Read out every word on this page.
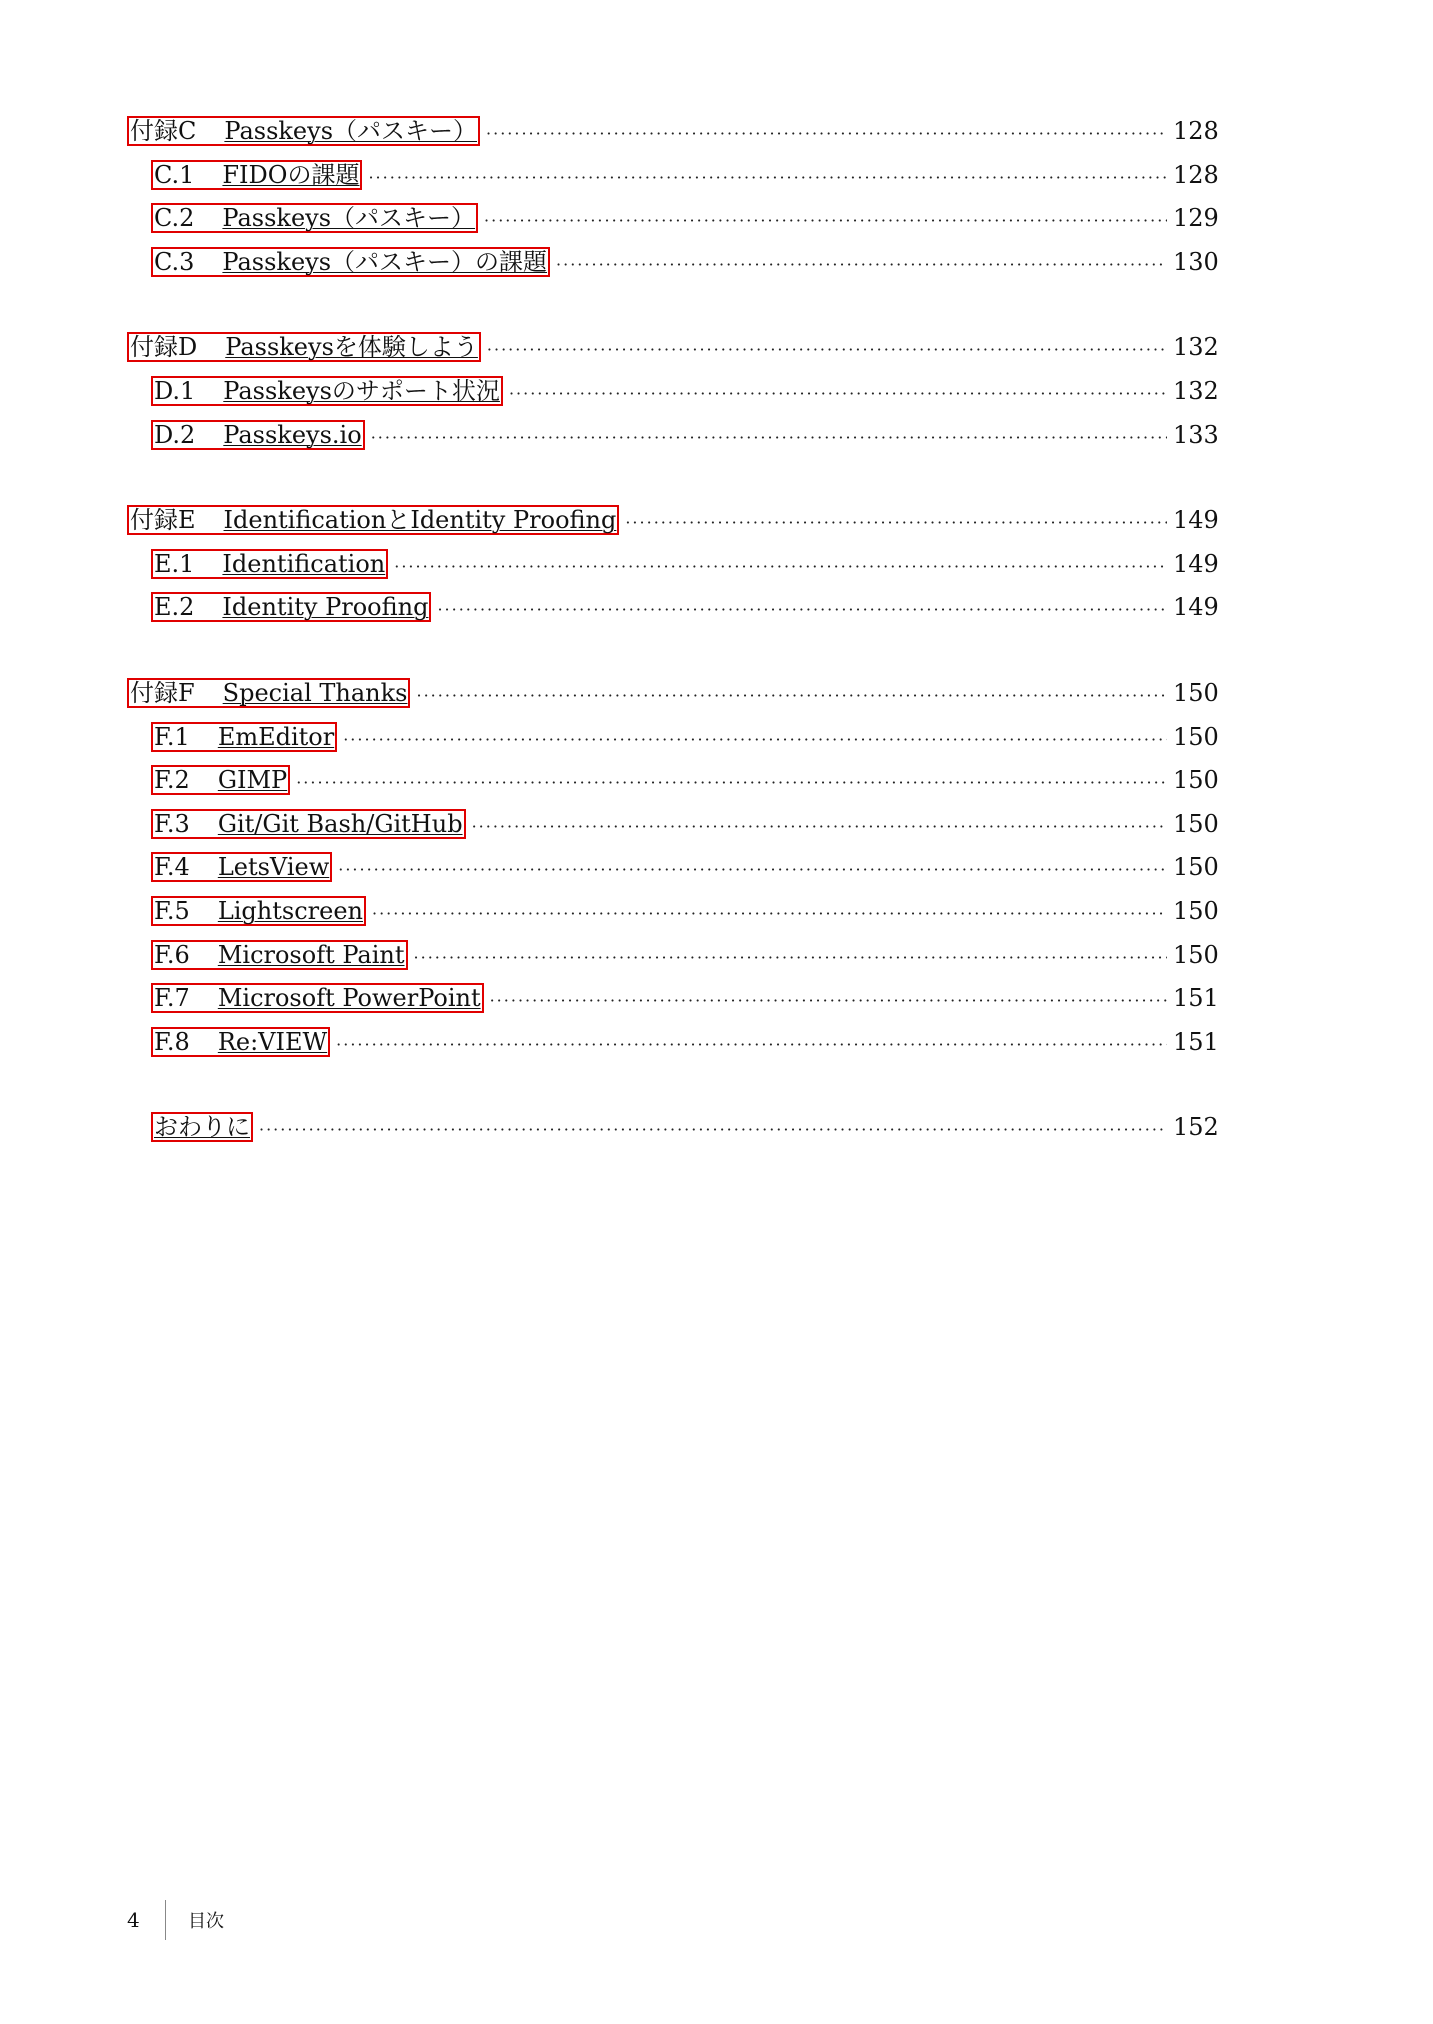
付録C Passkeys（パスキー） ·····	128
C.1 FIDOの課題 ·····	128
C.2 Passkeys（パスキー） ·····	129
C.3 Passkeys（パスキー）の課題 ·····	130
付録D Passkeysを体験しよう ·····	132
D.1 Passkeysのサポート状況 ·····	132
D.2 Passkeys.io ·····	133
付録E IdentificationとIdentity Proofing ·····	149
E.1 Identification ·····	149
E.2 Identity Proofing ·····	149
付録F Special Thanks ·····	150
F.1 EmEditor ·····	150
F.2 GIMP ·····	150
F.3 Git/Git Bash/GitHub ·····	150
F.4 LetsView ·····	150
F.5 Lightscreen ·····	150
F.6 Microsoft Paint ·····	150
F.7 Microsoft PowerPoint ·····	151
F.8 Re:VIEW ·····	151
おわりに ·····	152
4	目次
